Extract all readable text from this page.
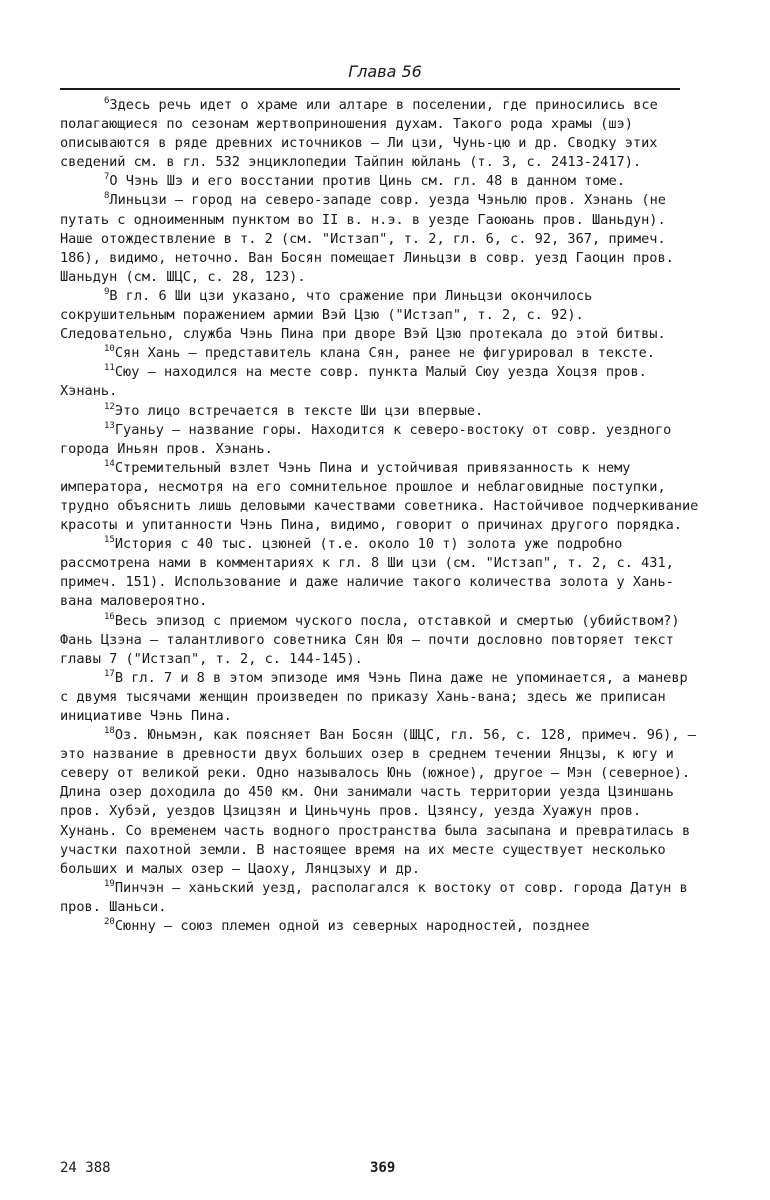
Глава 56

$^6$Здесь речь идет о храме или алтаре в поселении, где приносились все полагающиеся по сезонам жертвоприношения духам. Такого рода храмы (шэ) описываются в ряде древних источников — Ли цзи, Чунь-цю и др. Сводку этих сведений см. в гл. 532 энциклопедии Тайпин юйлань (т. 3, с. 2413-2417).

$^7$О Чэнь Шэ и его восстании против Цинь см. гл. 48 в данном томе.

$^8$Линьцзи — город на северо-западе совр. уезда Чэньлю пров. Хэнань (не путать с одноименным пунктом во II в. н.э. в уезде Гаоюань пров. Шаньдун). Наше отождествление в т. 2 (см. "Истзап", т. 2, гл. 6, с. 92, 367, примеч. 186), видимо, неточно. Ван Босян помещает Линьцзи в совр. уезд Гаоцин пров. Шаньдун (см. ШЦС, с. 28, 123).

$^9$В гл. 6 Ши цзи указано, что сражение при Линьцзи окончилось сокрушительным поражением армии Вэй Цзю ("Истзап", т. 2, с. 92). Следовательно, служба Чэнь Пина при дворе Вэй Цзю протекала до этой битвы.

$^{10}$Сян Хань — представитель клана Сян, ранее не фигурировал в тексте.

$^{11}$Сюу — находился на месте совр. пункта Малый Сюу уезда Хоцзя пров. Хэнань.

$^{12}$Это лицо встречается в тексте Ши цзи впервые.

$^{13}$Гуаньу — название горы. Находится к северо-востоку от совр. уездного города Иньян пров. Хэнань.

$^{14}$Стремительный взлет Чэнь Пина и устойчивая привязанность к нему императора, несмотря на его сомнительное прошлое и неблаговидные поступки, трудно объяснить лишь деловыми качествами советника. Настойчивое подчеркивание красоты и упитанности Чэнь Пина, видимо, говорит о причинах другого порядка.

$^{15}$История с 40 тыс. цзюней (т.е. около 10 т) золота уже подробно рассмотрена нами в комментариях к гл. 8 Ши цзи (см. "Истзап", т. 2, с. 431, примеч. 151). Использование и даже наличие такого количества золота у Хань-вана маловероятно.

$^{16}$Весь эпизод с приемом чуского посла, отставкой и смертью (убийством?) Фань Цзэна — талантливого советника Сян Юя — почти дословно повторяет текст главы 7 ("Истзап", т. 2, с. 144-145).

$^{17}$В гл. 7 и 8 в этом эпизоде имя Чэнь Пина даже не упоминается, а маневр с двумя тысячами женщин произведен по приказу Хань-вана; здесь же приписан инициативе Чэнь Пина.

$^{18}$Оз. Юньмэн, как поясняет Ван Босян (ШЦС, гл. 56, с. 128, примеч. 96), — это название в древности двух больших озер в среднем течении Янцзы, к югу и северу от великой реки. Одно называлось Юнь (южное), другое — Мэн (северное). Длина озер доходила до 450 км. Они занимали часть территории уезда Цзиншань пров. Хубэй, уездов Цзицзян и Циньчунь пров. Цзянсу, уезда Хуажун пров. Хунань. Со временем часть водного пространства была засыпана и превратилась в участки пахотной земли. В настоящее время на их месте существует несколько больших и малых озер — Цаоху, Лянцзыху и др.

$^{19}$Пинчэн — ханьский уезд, располагался к востоку от совр. города Датун в пров. Шаньси.

$^{20}$Сюнну — союз племен одной из северных народностей, позднее

24 388	369
